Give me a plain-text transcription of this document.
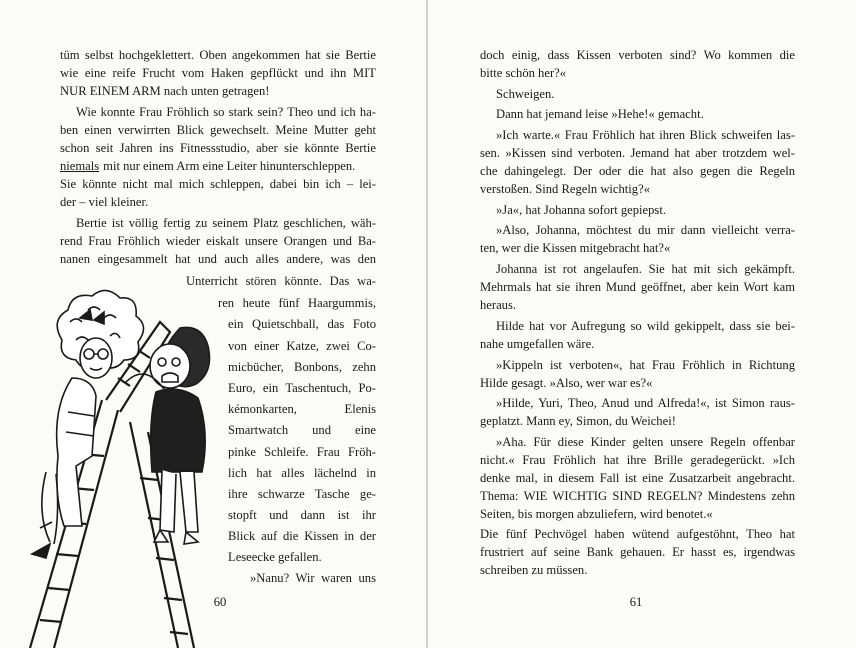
tüm selbst hochgeklettert. Oben angekommen hat sie Bertie
wie eine reife Frucht vom Haken gepflückt und ihn MIT
NUR EINEM ARM nach unten getragen!
Wie konnte Frau Fröhlich so stark sein? Theo und ich ha-
ben einen verwirrten Blick gewechselt. Meine Mutter geht
schon seit Jahren ins Fitnessstudio, aber sie könnte Bertie
niemals mit nur einem Arm eine Leiter hinunterschleppen.
Sie könnte nicht mal mich schleppen, dabei bin ich – lei-
der – viel kleiner.
Bertie ist völlig fertig zu seinem Platz geschlichen, wäh-
rend Frau Fröhlich wieder eiskalt unsere Orangen und Ba-
nanen eingesammelt hat und auch alles andere, was den
Unterricht stören könnte. Das wa-
ren heute fünf Haargummis,
ein Quietschball, das Foto
von einer Katze, zwei Co-
micbücher, Bonbons, zehn
Euro, ein Taschentuch, Po-
kémonkarten,        Elenis
Smartwatch      und      eine
pinke Schleife. Frau Fröh-
lich hat alles lächelnd in
ihre schwarze Tasche ge-
stopft und dann ist ihr
Blick auf die Kissen in der
Leseecke gefallen.
»Nanu? Wir waren uns
60
doch einig, dass Kissen verboten sind? Wo kommen die
bitte schön her?«
Schweigen.
Dann hat jemand leise »Hehe!« gemacht.
»Ich warte.« Frau Fröhlich hat ihren Blick schweifen las-
sen. »Kissen sind verboten. Jemand hat aber trotzdem wel-
che dahingelegt. Der oder die hat also gegen die Regeln
verstoßen. Sind Regeln wichtig?«
»Ja«, hat Johanna sofort gepiepst.
»Also, Johanna, möchtest du mir dann vielleicht verra-
ten, wer die Kissen mitgebracht hat?«
Johanna ist rot angelaufen. Sie hat mit sich gekämpft.
Mehrmals hat sie ihren Mund geöffnet, aber kein Wort kam
heraus.
Hilde hat vor Aufregung so wild gekippelt, dass sie bei-
nahe umgefallen wäre.
»Kippeln ist verboten«, hat Frau Fröhlich in Richtung
Hilde gesagt. »Also, wer war es?«
»Hilde, Yuri, Theo, Anud und Alfreda!«, ist Simon raus-
geplatzt. Mann ey, Simon, du Weichei!
»Aha. Für diese Kinder gelten unsere Regeln offenbar
nicht.« Frau Fröhlich hat ihre Brille geradegerückt. »Ich
denke mal, in diesem Fall ist eine Zusatzarbeit angebracht.
Thema: WIE WICHTIG SIND REGELN? Mindestens zehn
Seiten, bis morgen abzuliefern, wird benotet.«
Die fünf Pechvögel haben wütend aufgestöhnt, Theo hat
frustriert auf seine Bank gehauen. Er hasst es, irgendwas
schreiben zu müssen.
61
